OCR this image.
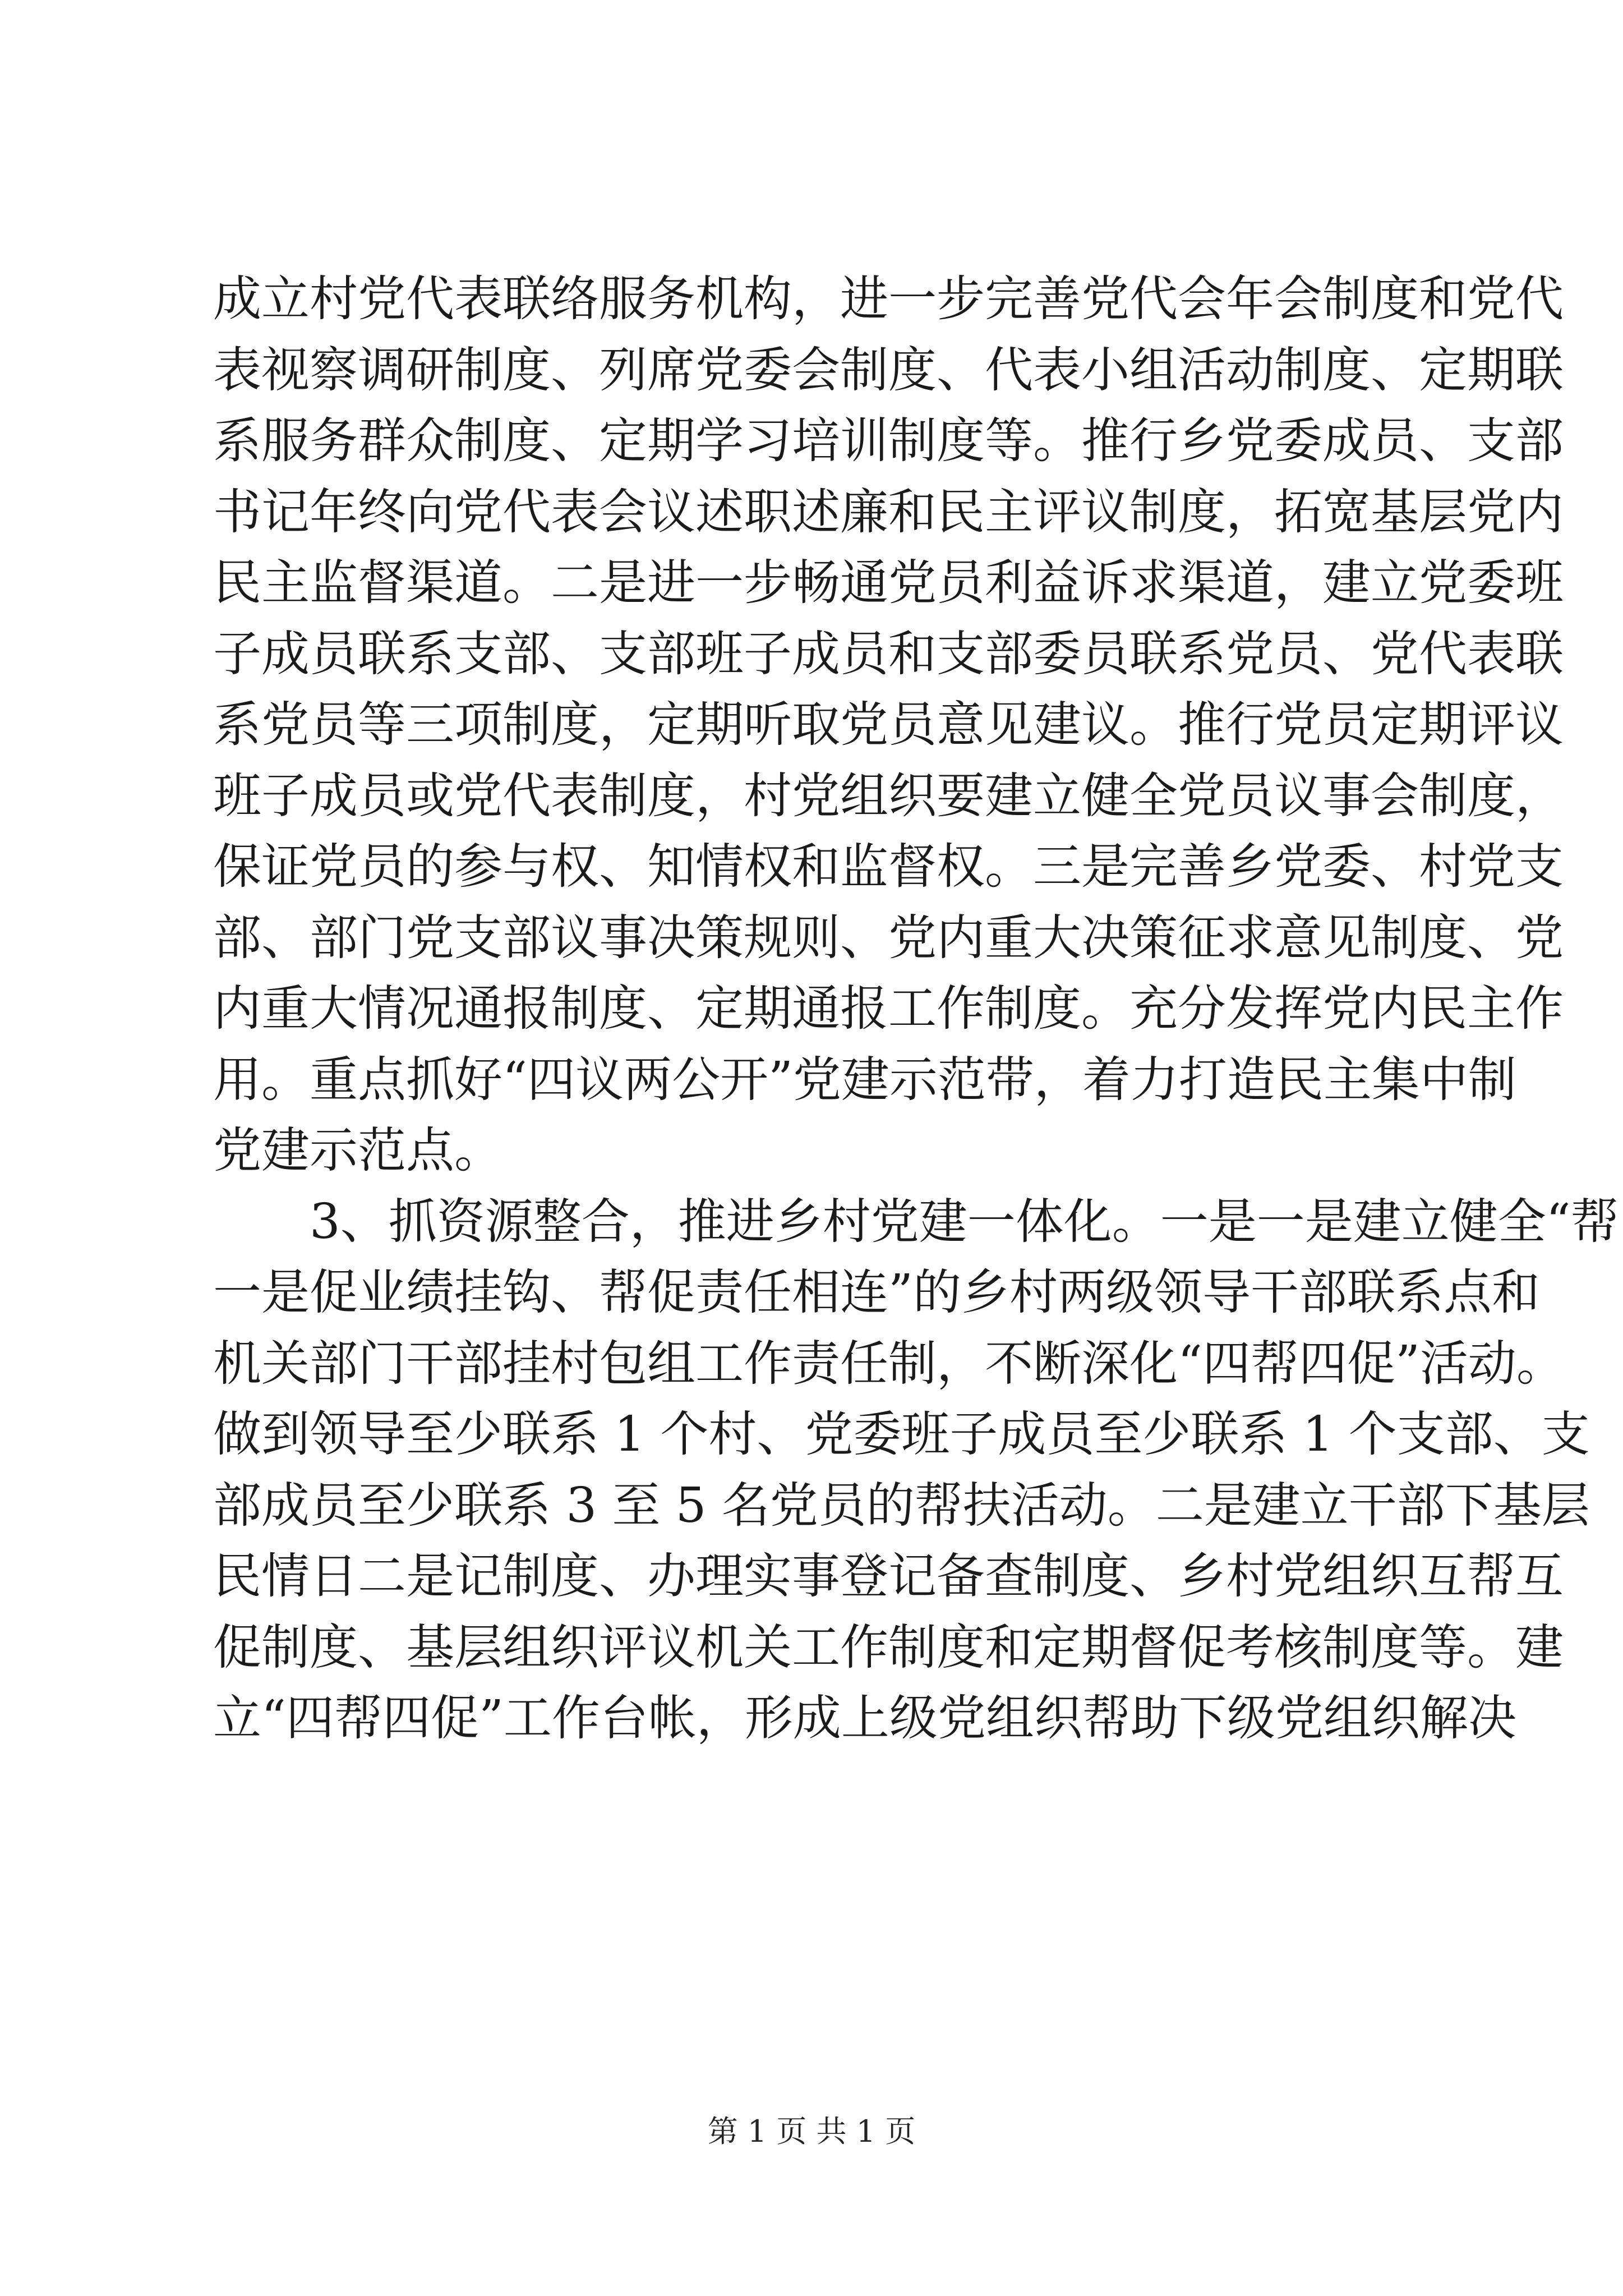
成立村党代表联络服务机构，进一步完善党代会年会制度和党代
表视察调研制度、列席党委会制度、代表小组活动制度、定期联
系服务群众制度、定期学习培训制度等。推行乡党委成员、支部
书记年终向党代表会议述职述廉和民主评议制度，拓宽基层党内
民主监督渠道。二是进一步畅通党员利益诉求渠道，建立党委班
子成员联系支部、支部班子成员和支部委员联系党员、党代表联
系党员等三项制度，定期听取党员意见建议。推行党员定期评议
班子成员或党代表制度，村党组织要建立健全党员议事会制度，
保证党员的参与权、知情权和监督权。三是完善乡党委、村党支
部、部门党支部议事决策规则、党内重大决策征求意见制度、党
内重大情况通报制度、定期通报工作制度。充分发挥党内民主作
用。重点抓好“四议两公开”党建示范带，着力打造民主集中制
党建示范点。
　　3、抓资源整合，推进乡村党建一体化。一是一是建立健全“帮
一是促业绩挂钩、帮促责任相连”的乡村两级领导干部联系点和
机关部门干部挂村包组工作责任制，不断深化“四帮四促”活动。
做到领导至少联系 1 个村、党委班子成员至少联系 1 个支部、支
部成员至少联系 3 至 5 名党员的帮扶活动。二是建立干部下基层
民情日二是记制度、办理实事登记备查制度、乡村党组织互帮互
促制度、基层组织评议机关工作制度和定期督促考核制度等。建
立“四帮四促”工作台帐，形成上级党组织帮助下级党组织解决
第 1 页 共 1 页
